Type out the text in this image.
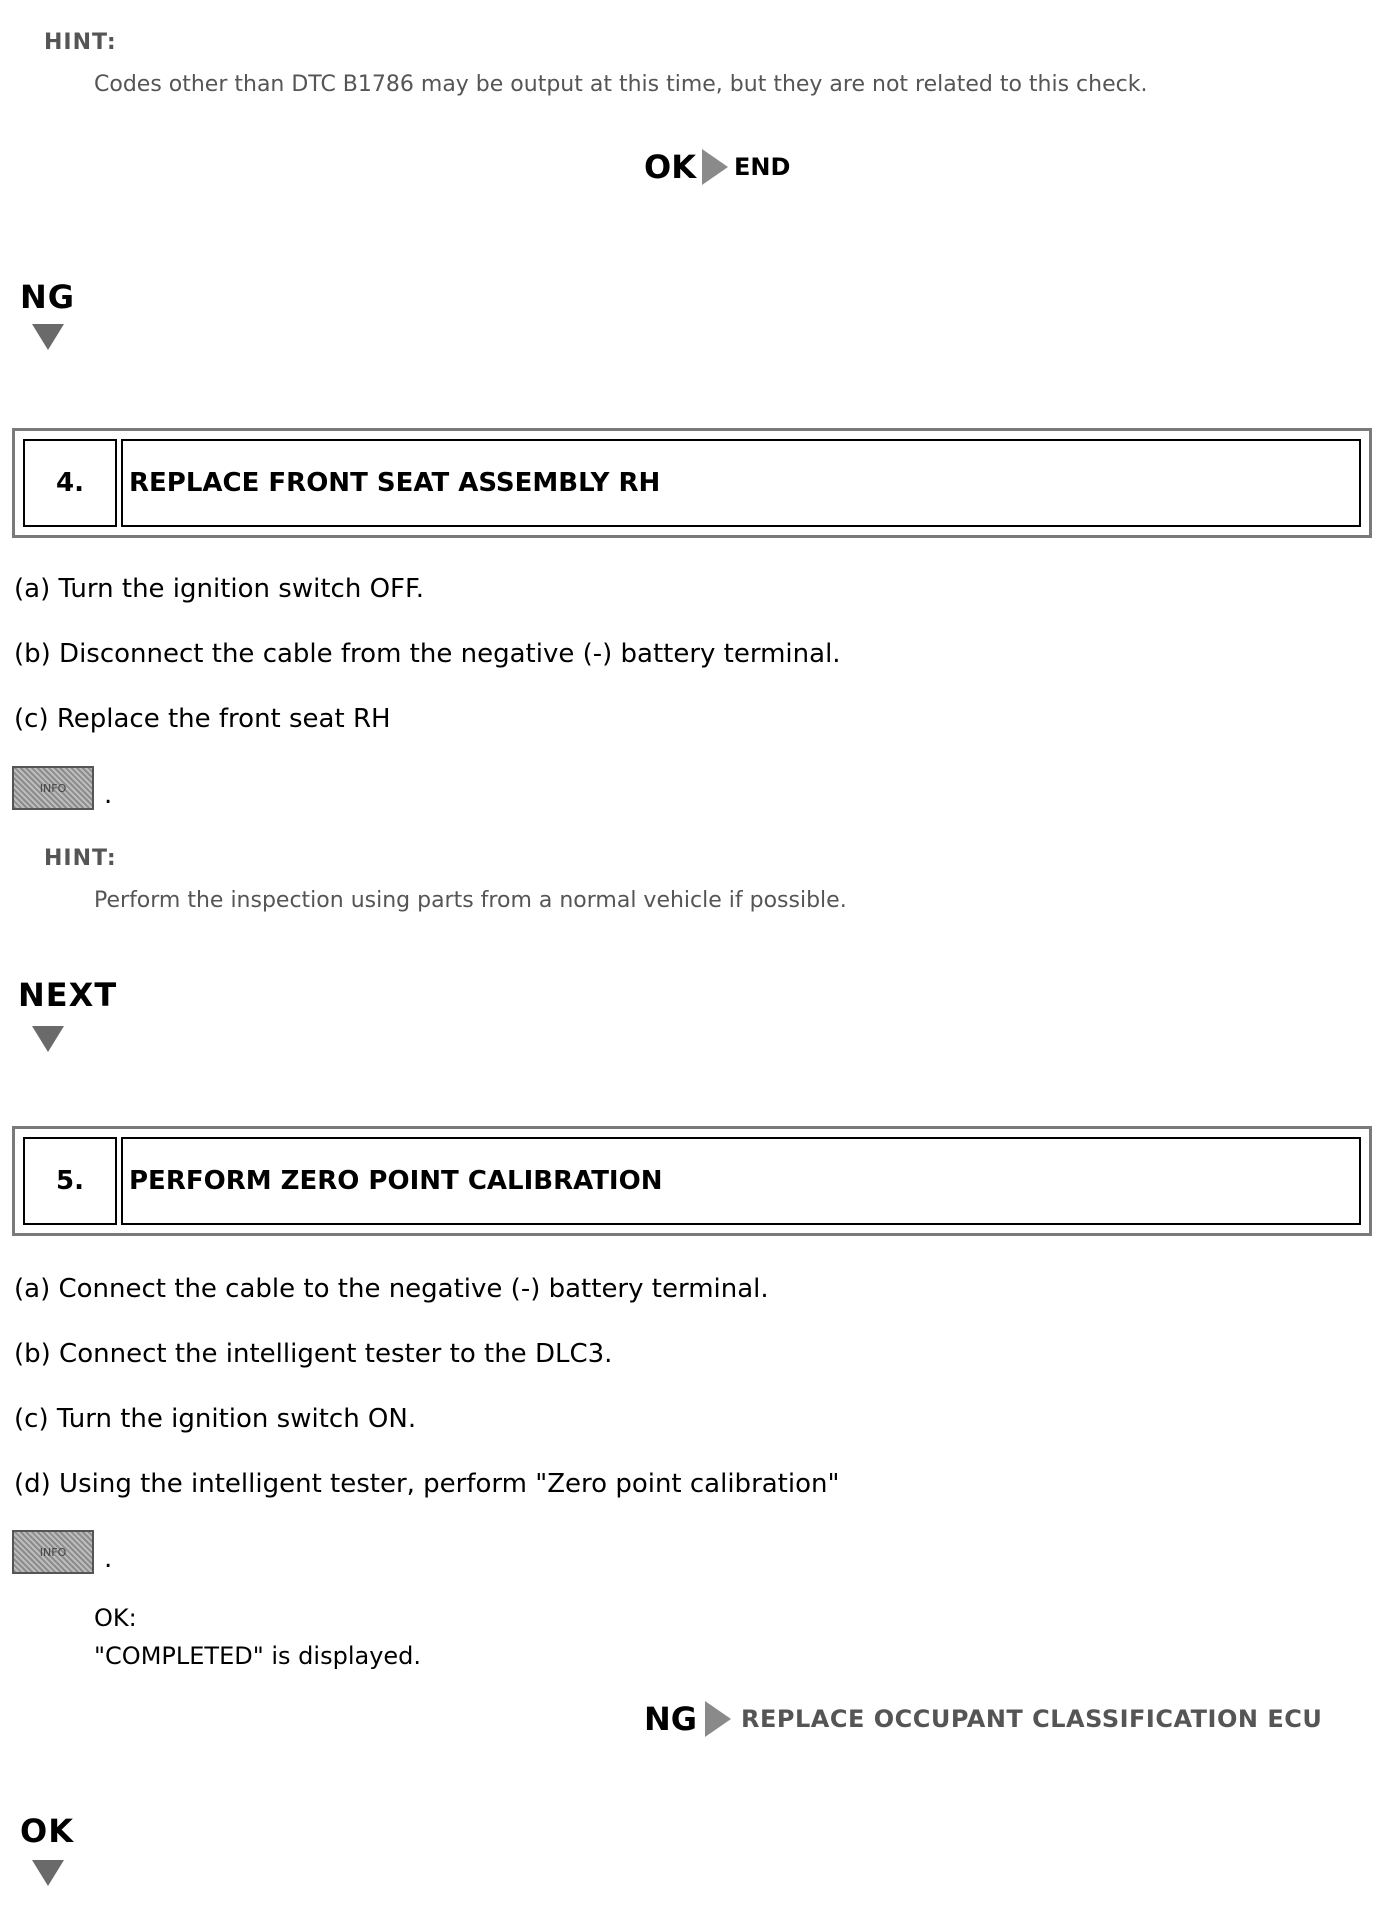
HINT:
Codes other than DTC B1786 may be output at this time, but they are not related to this check.
OK END
NG
4.	REPLACE FRONT SEAT ASSEMBLY RH
(a) Turn the ignition switch OFF.
(b) Disconnect the cable from the negative (-) battery terminal.
(c) Replace the front seat RH
INFO	.
HINT:
Perform the inspection using parts from a normal vehicle if possible.
NEXT
5.	PERFORM ZERO POINT CALIBRATION
(a) Connect the cable to the negative (-) battery terminal.
(b) Connect the intelligent tester to the DLC3.
(c) Turn the ignition switch ON.
(d) Using the intelligent tester, perform "Zero point calibration"
INFO	.
OK:
"COMPLETED" is displayed.
NG REPLACE OCCUPANT CLASSIFICATION ECU
OK
